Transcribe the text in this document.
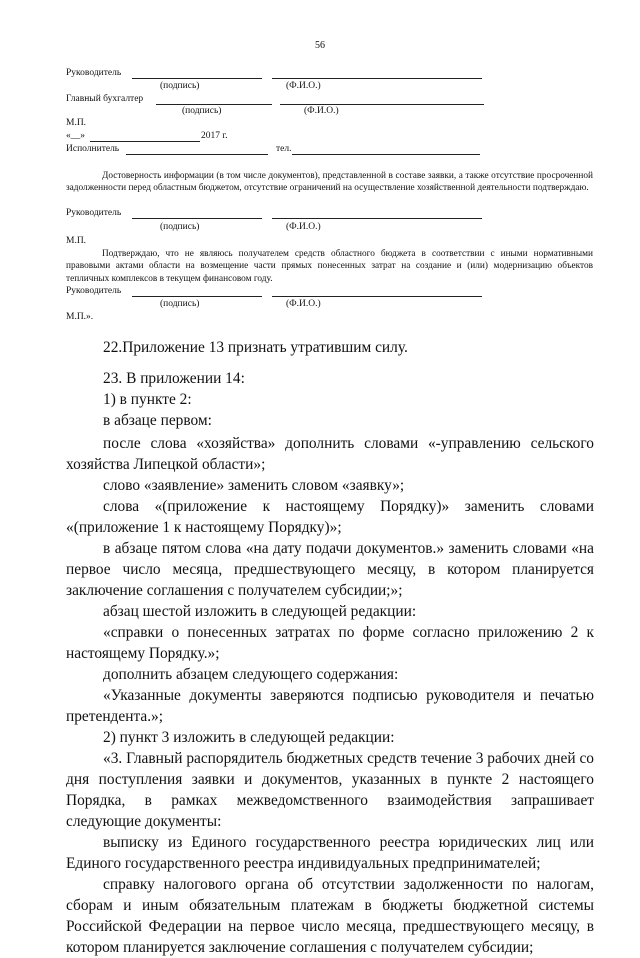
56
Руководитель
(подпись)	(Ф.И.О.)
Главный бухгалтер
(подпись)	(Ф.И.О.)
М.П.
«__»	2017 г.
Исполнитель	тел.
Достоверность информации (в том числе документов), представленной в составе заявки, а также отсутствие просроченной задолженности перед областным бюджетом, отсутствие ограничений на осуществление хозяйственной деятельности подтверждаю.
Руководитель
(подпись)	(Ф.И.О.)
М.П.
Подтверждаю, что не являюсь получателем средств областного бюджета в соответствии с иными нормативными правовыми актами области на возмещение части прямых понесенных затрат на создание и (или) модернизацию объектов тепличных комплексов в текущем финансовом году.
Руководитель
(подпись)	(Ф.И.О.)
М.П.».
22.Приложение 13 признать утратившим силу.
23. В приложении 14:
1) в пункте 2:
в абзаце первом:
после слова «хозяйства» дополнить словами «-управлению сельского хозяйства Липецкой области»;
слово «заявление» заменить словом «заявку»;
слова «(приложение к настоящему Порядку)» заменить словами «(приложение 1 к настоящему Порядку)»;
в абзаце пятом слова «на дату подачи документов.» заменить словами «на первое число месяца, предшествующего месяцу, в котором планируется заключение соглашения с получателем субсидии;»;
абзац шестой изложить в следующей редакции:
«справки о понесенных затратах по форме согласно приложению 2 к настоящему Порядку.»;
дополнить абзацем следующего содержания:
«Указанные документы заверяются подписью руководителя и печатью претендента.»;
2) пункт 3 изложить в следующей редакции:
«3. Главный распорядитель бюджетных средств течение 3 рабочих дней со дня поступления заявки и документов, указанных в пункте 2 настоящего Порядка, в рамках межведомственного взаимодействия запрашивает следующие документы:
выписку из Единого государственного реестра юридических лиц или Единого государственного реестра индивидуальных предпринимателей;
справку налогового органа об отсутствии задолженности по налогам, сборам и иным обязательным платежам в бюджеты бюджетной системы Российской Федерации на первое число месяца, предшествующего месяцу, в котором планируется заключение соглашения с получателем субсидии;
